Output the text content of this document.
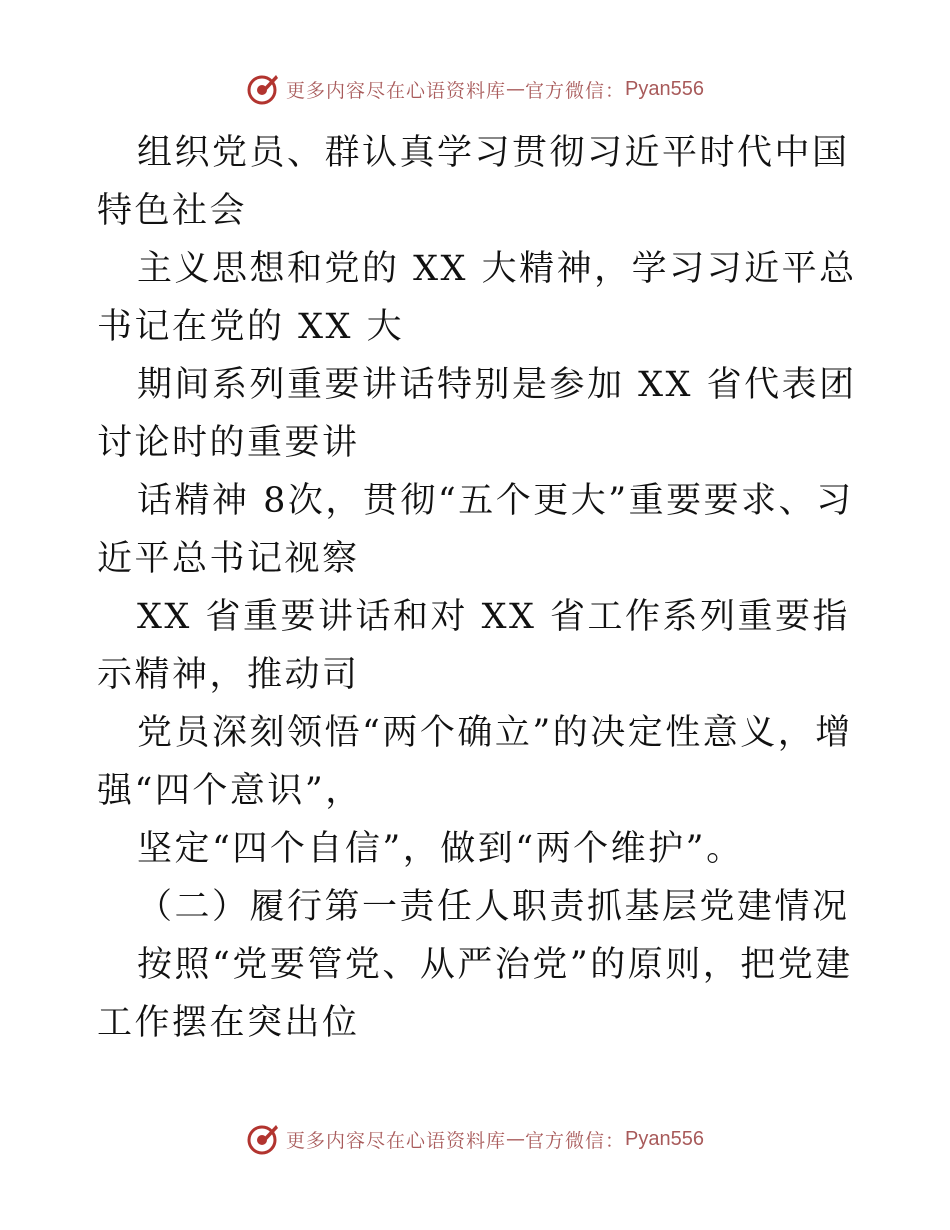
更多内容尽在心语资料库 — 官方微信： Pyan556

组织党员、群认真学习贯彻习近平时代中国特色社会

主义思想和党的 XX 大精神，学习习近平总书记在党的 XX 大

期间系列重要讲话特别是参加 XX 省代表团讨论时的重要讲

话精神 8次，贯彻“五个更大”重要要求、习近平总书记视察

XX 省重要讲话和对 XX 省工作系列重要指示精神，推动司

党员深刻领悟“两个确立”的决定性意义，增强“四个意识”，

坚定“四个自信”，做到“两个维护”。

（二）履行第一责任人职责抓基层党建情况

按照“党要管党、从严治党”的原则，把党建工作摆在突出位

更多内容尽在心语资料库 — 官方微信： Pyan556
